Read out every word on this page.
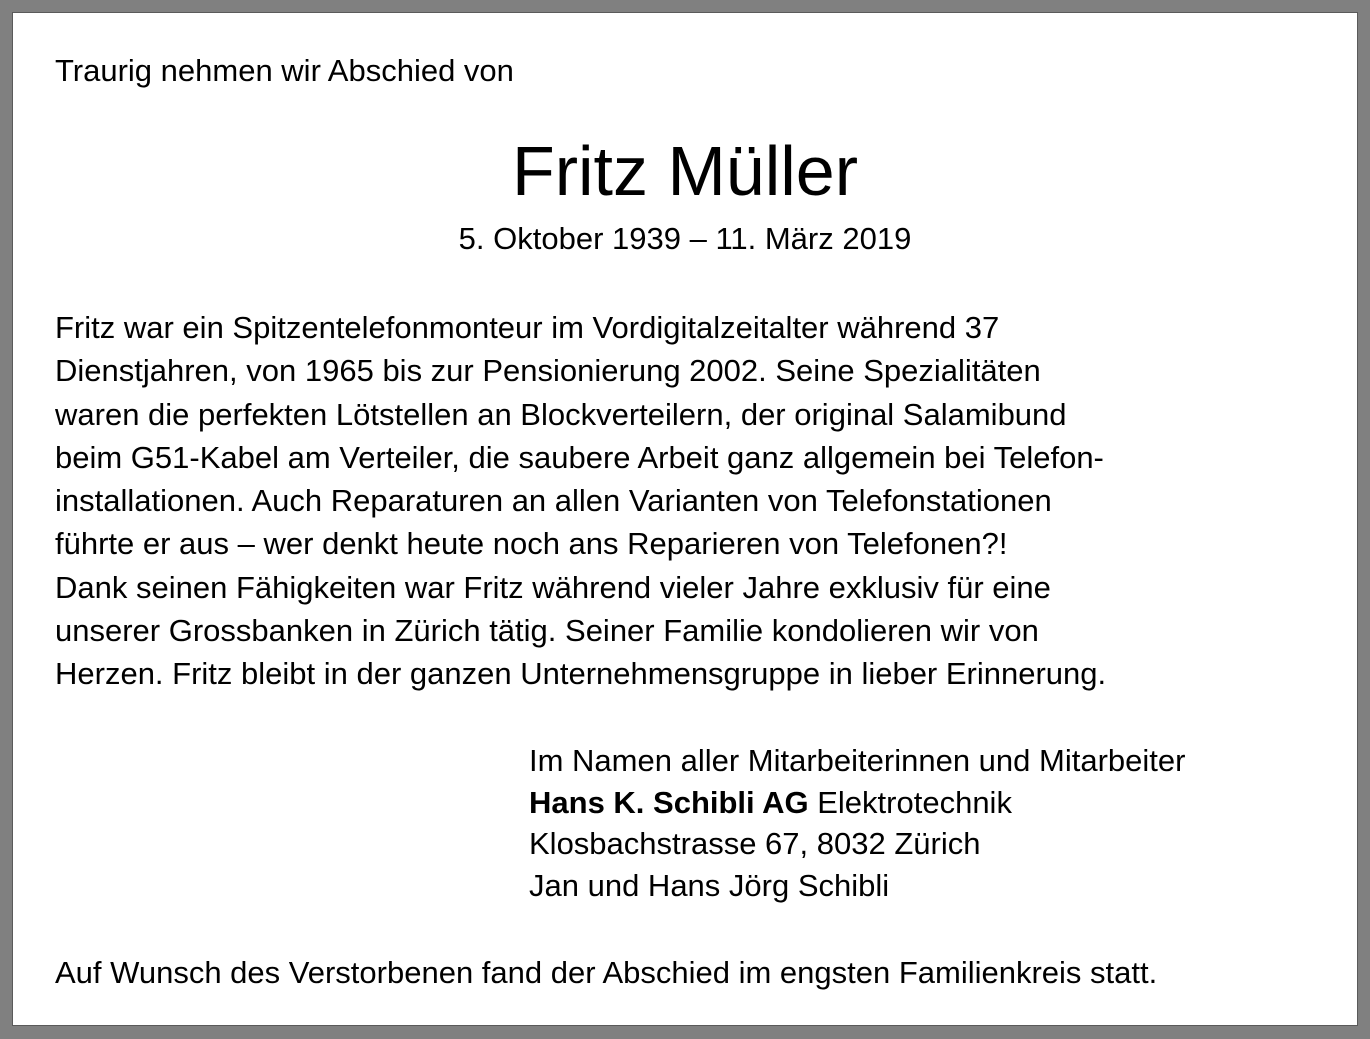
Traurig nehmen wir Abschied von
Fritz Müller
5. Oktober 1939 – 11. März 2019
Fritz war ein Spitzentelefonmonteur im Vordigitalzeitalter während 37
Dienstjahren, von 1965 bis zur Pensionierung 2002. Seine Spezialitäten
waren die perfekten Lötstellen an Blockverteilern, der original Salamibund
beim G51-Kabel am Verteiler, die saubere Arbeit ganz allgemein bei Telefon-
installationen. Auch Reparaturen an allen Varianten von Telefonstationen
führte er aus – wer denkt heute noch ans Reparieren von Telefonen?!
Dank seinen Fähigkeiten war Fritz während vieler Jahre exklusiv für eine
unserer Grossbanken in Zürich tätig. Seiner Familie kondolieren wir von
Herzen. Fritz bleibt in der ganzen Unternehmensgruppe in lieber Erinnerung.
Im Namen aller Mitarbeiterinnen und Mitarbeiter
Hans K. Schibli AG Elektrotechnik
Klosbachstrasse 67, 8032 Zürich
Jan und Hans Jörg Schibli
Auf Wunsch des Verstorbenen fand der Abschied im engsten Familienkreis statt.
